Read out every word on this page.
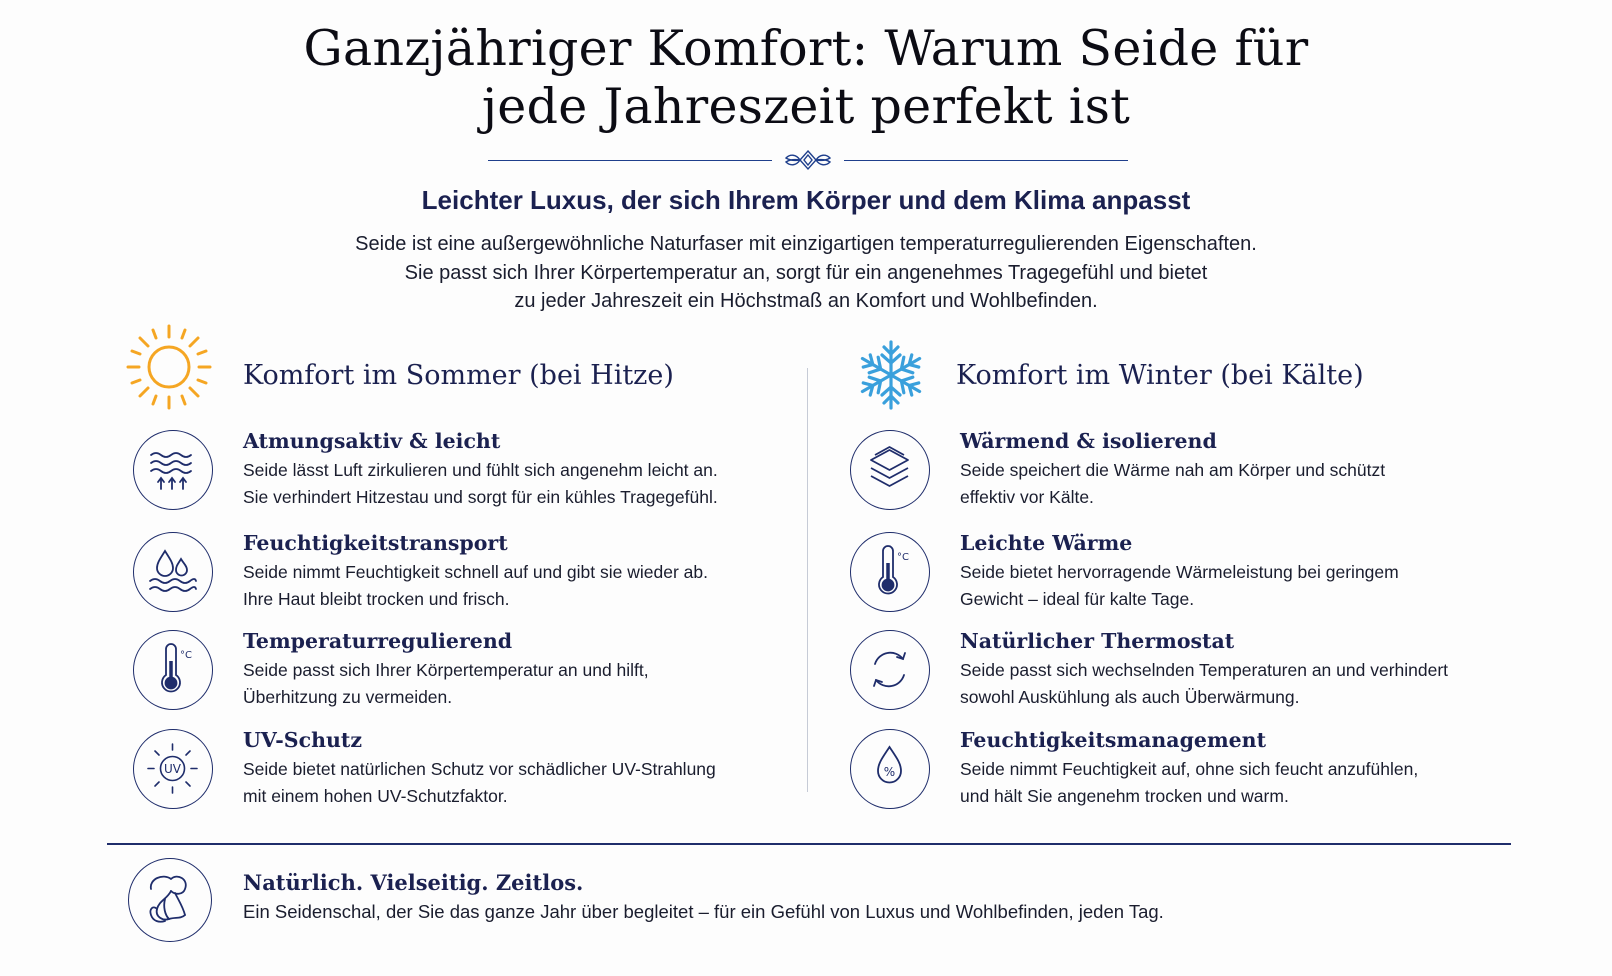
Ganzjähriger Komfort: Warum Seide für
jede Jahreszeit perfekt ist
Leichter Luxus, der sich Ihrem Körper und dem Klima anpasst

Seide ist eine außergewöhnliche Naturfaser mit einzigartigen temperaturregulierenden Eigenschaften.
Sie passt sich Ihrer Körpertemperatur an, sorgt für ein angenehmes Tragegefühl und bietet
zu jeder Jahreszeit ein Höchstmaß an Komfort und Wohlbefinden.

Komfort im Sommer (bei Hitze)	Komfort im Winter (bei Kälte)
Atmungsaktiv & leicht
Seide lässt Luft zirkulieren und fühlt sich angenehm leicht an.
Sie verhindert Hitzestau und sorgt für ein kühles Tragegefühl.
Feuchtigkeitstransport
Seide nimmt Feuchtigkeit schnell auf und gibt sie wieder ab.
Ihre Haut bleibt trocken und frisch.
°C
Temperaturregulierend
Seide passt sich Ihrer Körpertemperatur an und hilft,
Überhitzung zu vermeiden.
UV
UV-Schutz
Seide bietet natürlichen Schutz vor schädlicher UV-Strahlung
mit einem hohen UV-Schutzfaktor.
Wärmend & isolierend
Seide speichert die Wärme nah am Körper und schützt
effektiv vor Kälte.
°C
Leichte Wärme
Seide bietet hervorragende Wärmeleistung bei geringem
Gewicht – ideal für kalte Tage.
Natürlicher Thermostat
Seide passt sich wechselnden Temperaturen an und verhindert
sowohl Auskühlung als auch Überwärmung.
%
Feuchtigkeitsmanagement
Seide nimmt Feuchtigkeit auf, ohne sich feucht anzufühlen,
und hält Sie angenehm trocken und warm.
Natürlich. Vielseitig. Zeitlos.
Ein Seidenschal, der Sie das ganze Jahr über begleitet – für ein Gefühl von Luxus und Wohlbefinden, jeden Tag.
